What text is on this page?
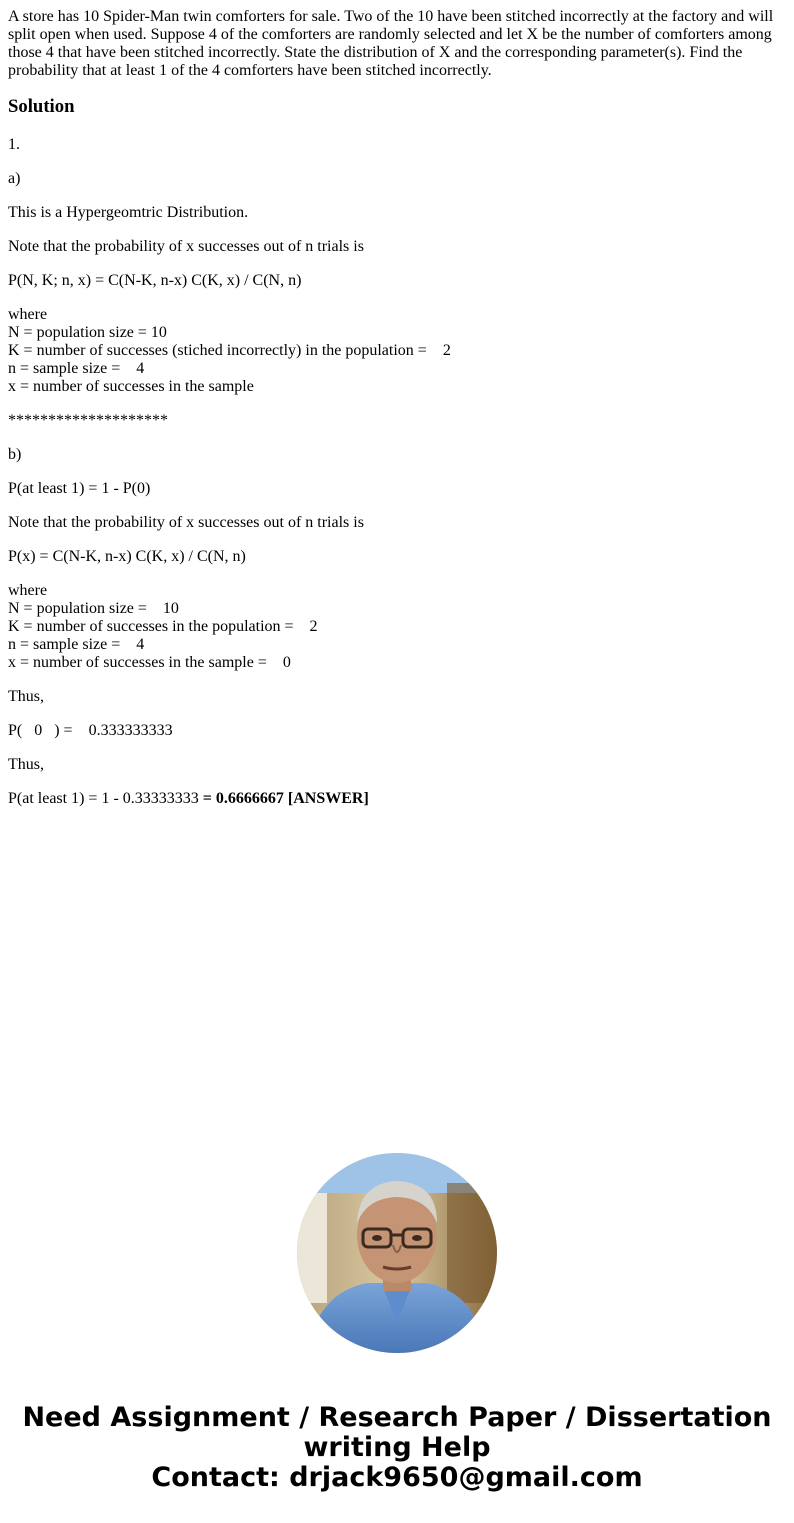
A store has 10 Spider-Man twin comforters for sale. Two of the 10 have been stitched incorrectly at the factory and will split open when used. Suppose 4 of the comforters are randomly selected and let X be the number of comforters among those 4 that have been stitched incorrectly. State the distribution of X and the corresponding parameter(s). Find the probability that at least 1 of the 4 comforters have been stitched incorrectly.

Solution

1.

a)

This is a Hypergeomtric Distribution.

Note that the probability of x successes out of n trials is

P(N, K; n, x) = C(N-K, n-x) C(K, x) / C(N, n)

where
N = population size = 10
K = number of successes (stiched incorrectly) in the population =    2
n = sample size =    4
x = number of successes in the sample

********************

b)

P(at least 1) = 1 - P(0)

Note that the probability of x successes out of n trials is

P(x) = C(N-K, n-x) C(K, x) / C(N, n)

where
N = population size =    10
K = number of successes in the population =    2
n = sample size =    4
x = number of successes in the sample =    0

Thus,

P(   0   ) =    0.333333333

Thus,

P(at least 1) = 1 - 0.33333333 = 0.6666667 [ANSWER]

Need Assignment / Research Paper / Dissertation
writing Help
Contact: drjack9650@gmail.com
